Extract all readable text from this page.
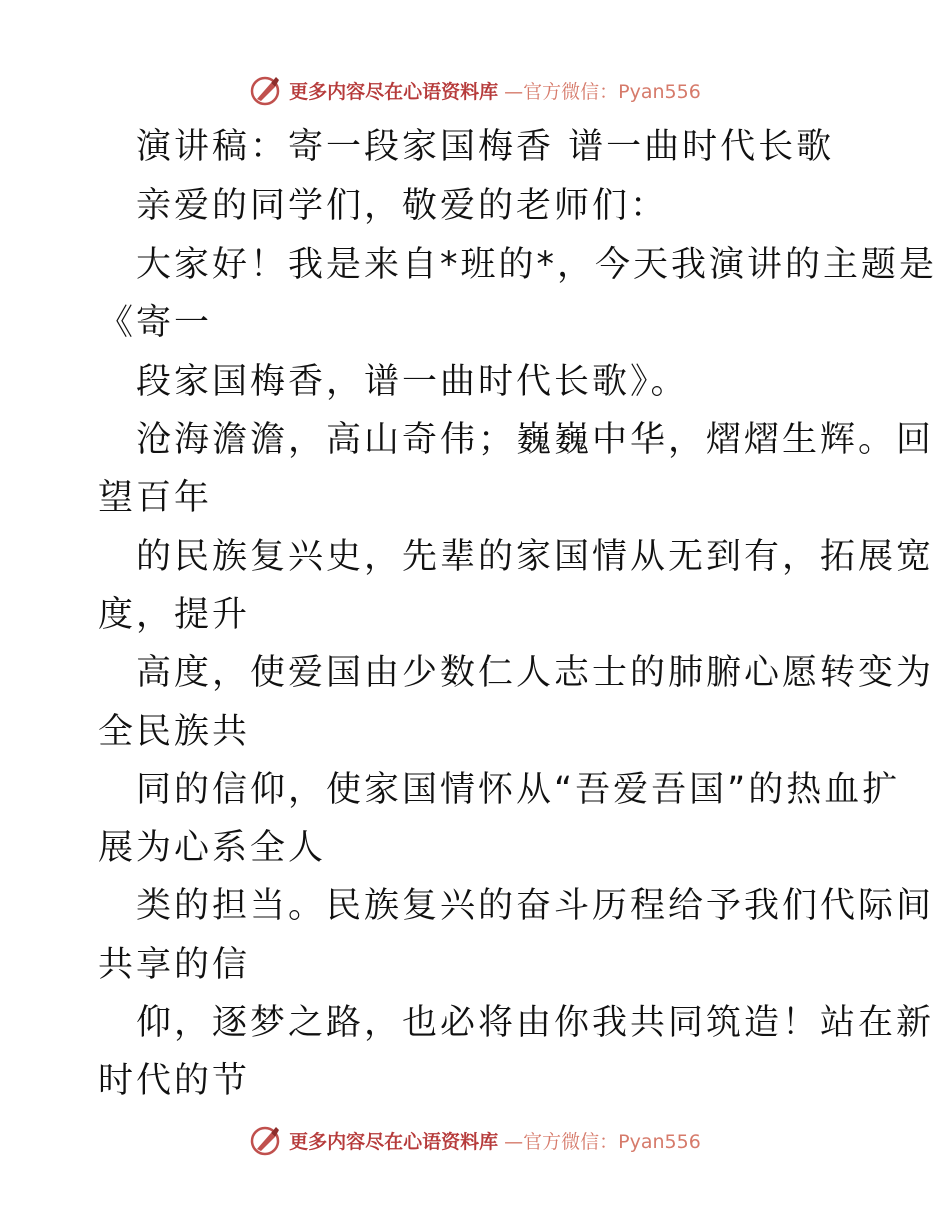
更多内容尽在心语资料库 —官方微信：Pyan556
演讲稿：寄一段家国梅香 谱一曲时代长歌
亲爱的同学们，敬爱的老师们：
大家好！我是来自*班的*，今天我演讲的主题是
《寄一
段家国梅香，谱一曲时代长歌》。
沧海澹澹，高山奇伟；巍巍中华，熠熠生辉。回
望百年
的民族复兴史，先辈的家国情从无到有，拓展宽
度，提升
高度，使爱国由少数仁人志士的肺腑心愿转变为
全民族共
同的信仰，使家国情怀从“吾爱吾国”的热血扩
展为心系全人
类的担当。民族复兴的奋斗历程给予我们代际间
共享的信
仰，逐梦之路，也必将由你我共同筑造！站在新
时代的节
更多内容尽在心语资料库 —官方微信：Pyan556
